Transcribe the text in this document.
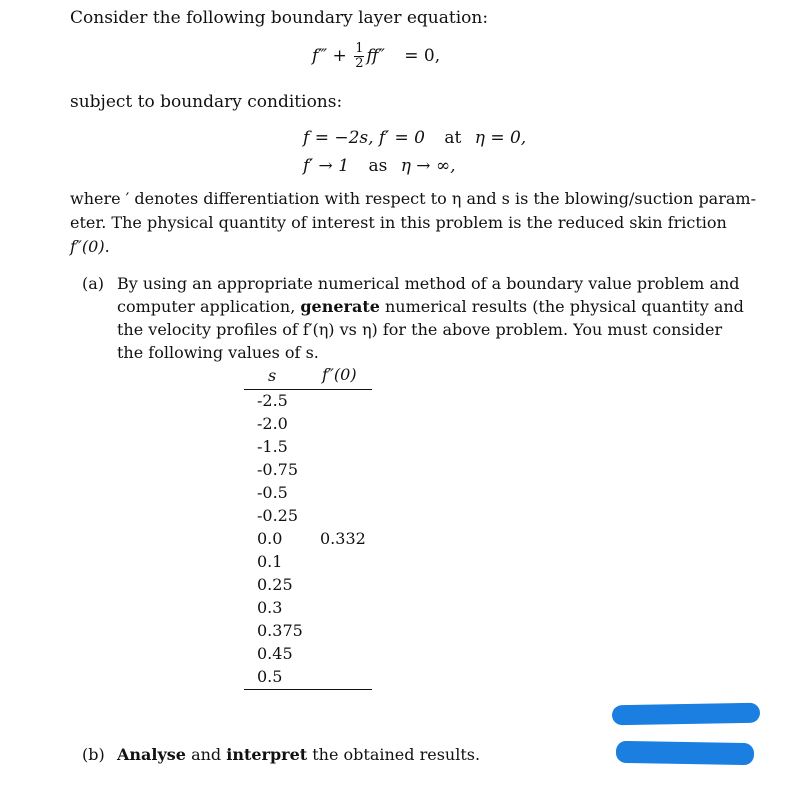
Consider the following boundary layer equation:
f‴ + $\frac{1}{2} ff'' = 0$,
subject to boundary conditions:
f = −2s, f′ = 0 at η = 0,
f′ → 1 as η → ∞,
where ′ denotes differentiation with respect to η and s is the blowing/suction param-
eter. The physical quantity of interest in this problem is the reduced skin friction
f″(0).
(a) By using an appropriate numerical method of a boundary value problem and
computer application, generate numerical results (the physical quantity and
the velocity profiles of f′(η) vs η) for the above problem. You must consider
the following values of s.
s	f″(0)
-2.5
-2.0
-1.5
-0.75
-0.5
-0.25
0.0 0.332
0.1
0.25
0.3
0.375
0.45
0.5
(b) Analyse and interpret the obtained results.
